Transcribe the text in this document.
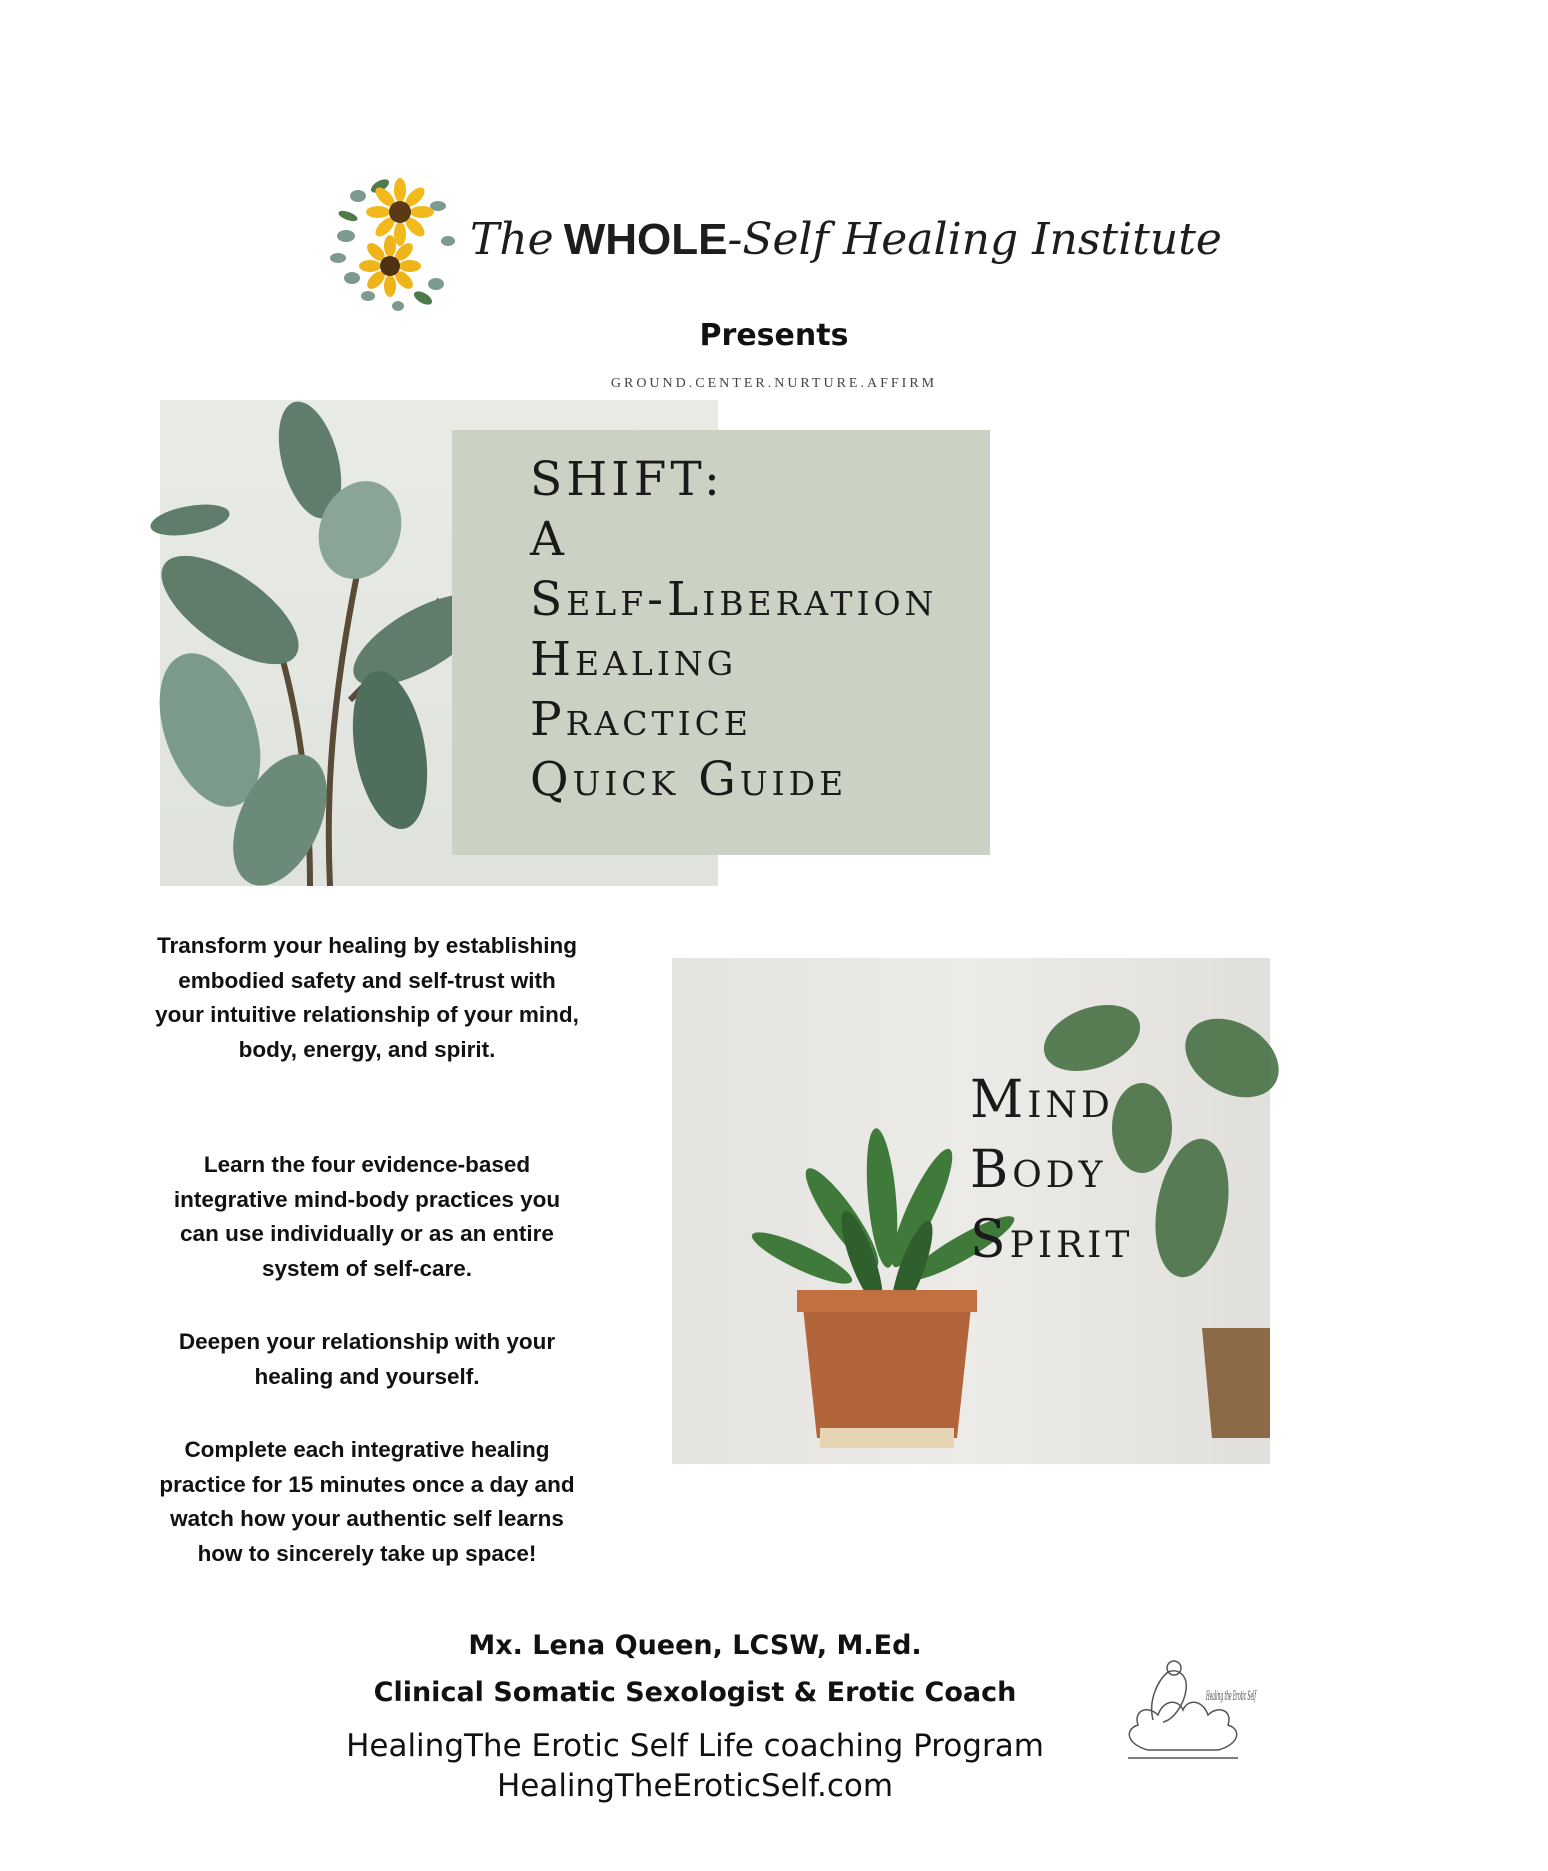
The WHOLE -Self Healing Institute
Presents
GROUND.CENTER.NURTURE.AFFIRM
SHIFT:
A
Self-Liberation
Healing
Practice
Quick Guide
Transform your healing by establishing embodied safety and self-trust with your intuitive relationship of your mind, body, energy, and spirit.
Learn the four evidence-based integrative mind-body practices you can use individually or as an entire system of self-care.
Deepen your relationship with your healing and yourself.
Complete each integrative healing practice for 15 minutes once a day and watch how your authentic self learns how to sincerely take up space!
Mind
Body
Spirit
Mx. Lena Queen, LCSW, M.Ed.
Clinical Somatic Sexologist & Erotic Coach
HealingThe Erotic Self Life coaching Program
HealingTheEroticSelf.com
Healing the Erotic Self
